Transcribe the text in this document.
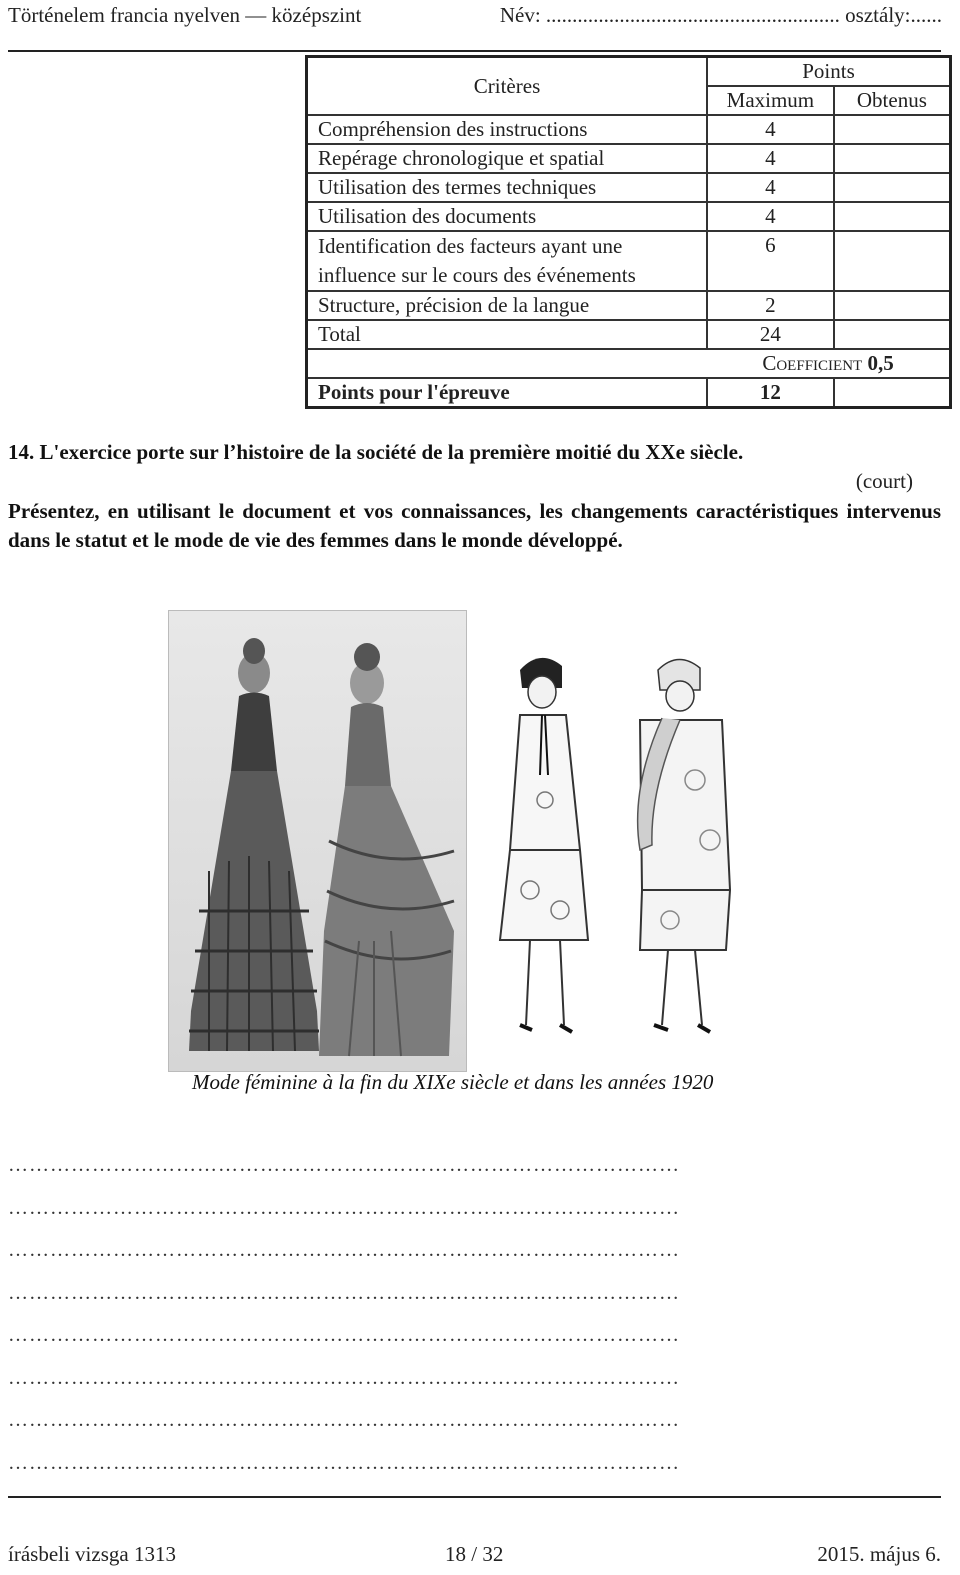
Történelem francia nyelven — középszint	Név: ........................................................ osztály:......
Critères	Points	
	Maximum	Obtenus
Compréhension des instructions	4	
Repérage chronologique et spatial	4	
Utilisation des termes techniques	4	
Utilisation des documents	4	

Identification des facteurs ayant une
influence sur le cours des événements	6	
Structure, précision de la langue	2	
Total	24	
	Coefficient 0,5	
Points pour l'épreuve	12	
14. L'exercice porte sur l’histoire de la société de la première moitié du XXe siècle.
(court)
Présentez, en utilisant le document et vos connaissances, les changements caractéristiques intervenus dans le statut et le mode de vie des femmes dans le monde développé.
Mode féminine à la fin du XIXe siècle et dans les années 1920
……………………………………………………………………………………
……………………………………………………………………………………
……………………………………………………………………………………
……………………………………………………………………………………
……………………………………………………………………………………
……………………………………………………………………………………
……………………………………………………………………………………
……………………………………………………………………………………
írásbeli vizsga 1313	18 / 32	2015. május 6.
